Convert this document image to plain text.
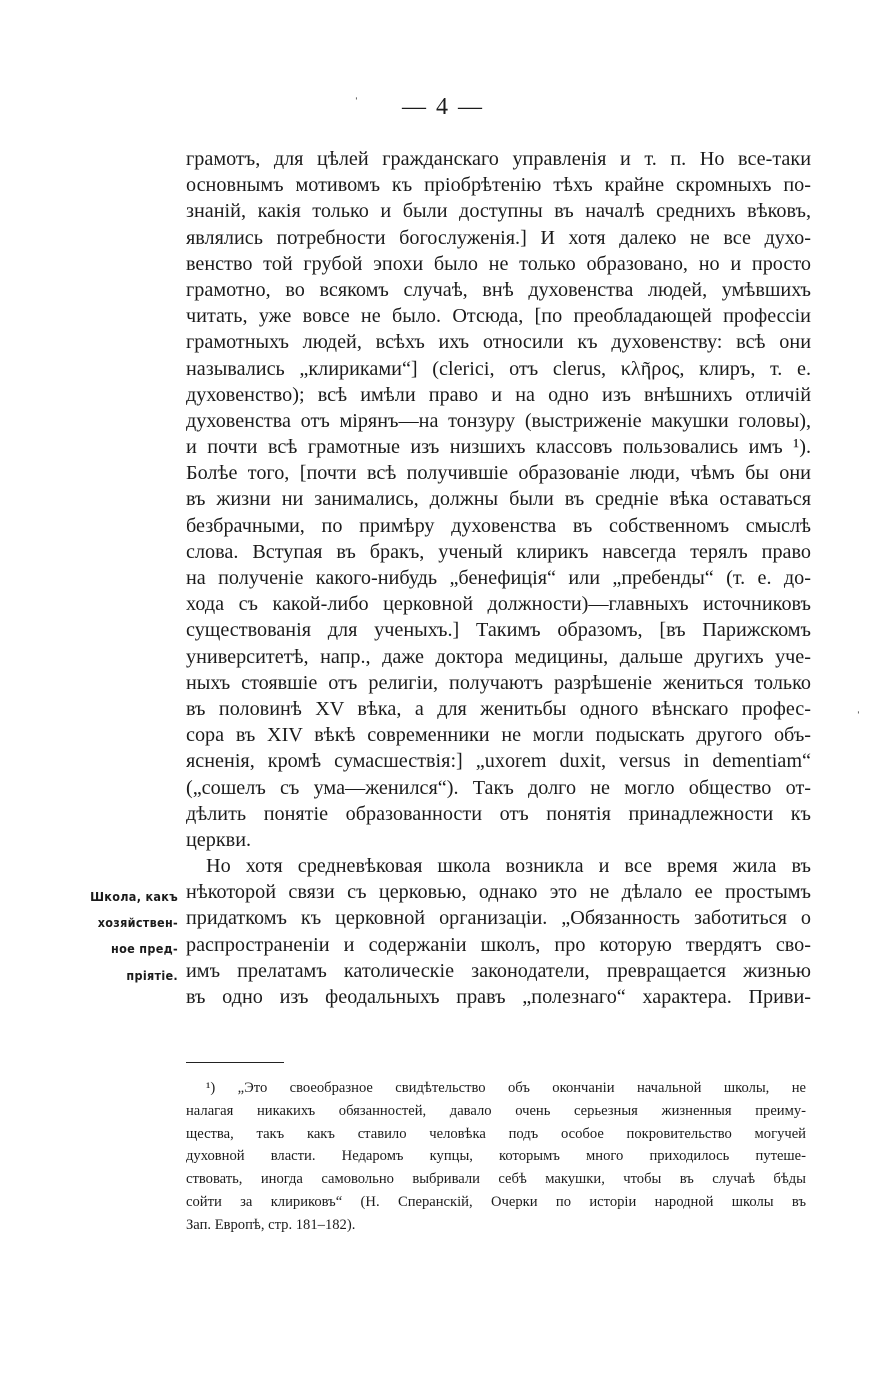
— 4 —
ˈ
ˈ
грамотъ, для цѣлей гражданскаго управленія и т. п. Но все-таки
основнымъ мотивомъ къ пріобрѣтенію тѣхъ крайне скромныхъ по-
знаній, какія только и были доступны въ началѣ среднихъ вѣковъ,
являлись потребности богослуженія.] И хотя далеко не все духо-
венство той грубой эпохи было не только образовано, но и просто
грамотно, во всякомъ случаѣ, внѣ духовенства людей, умѣвшихъ
читать, уже вовсе не было. Отсюда, [по преобладающей профессіи
грамотныхъ людей, всѣхъ ихъ относили къ духовенству: всѣ они
назывались „клириками“] (clerici, отъ clerus, κλῆρος, клиръ, т. е.
духовенство); всѣ имѣли право и на одно изъ внѣшнихъ отличій
духовенства отъ мірянъ—на тонзуру (выстриженіе макушки головы),
и почти всѣ грамотные изъ низшихъ классовъ пользовались имъ ¹).
Болѣе того, [почти всѣ получившіе образованіе люди, чѣмъ бы они
въ жизни ни занимались, должны были въ средніе вѣка оставаться
безбрачными, по примѣру духовенства въ собственномъ смыслѣ
слова. Вступая въ бракъ, ученый клирикъ навсегда терялъ право
на полученіе какого-нибудь „бенефиція“ или „пребенды“ (т. е. до-
хода съ какой-либо церковной должности)—главныхъ источниковъ
существованія для ученыхъ.] Такимъ образомъ, [въ Парижскомъ
университетѣ, напр., даже доктора медицины, дальше другихъ уче-
ныхъ стоявшіе отъ религіи, получаютъ разрѣшеніе жениться только
въ половинѣ XV вѣка, а для женитьбы одного вѣнскаго профес-
сора въ XIV вѣкѣ современники не могли подыскать другого объ-
ясненія, кромѣ сумасшествія:] „uxorem duxit, versus in dementiam“
(„сошелъ съ ума—женился“). Такъ долго не могло общество от-
дѣлить понятіе образованности отъ понятія принадлежности къ
церкви.
Но хотя средневѣковая школа возникла и все время жила въ
нѣкоторой связи съ церковью, однако это не дѣлало ее простымъ
придаткомъ къ церковной организаціи. „Обязанность заботиться о
распространеніи и содержаніи школъ, про которую твердятъ сво-
имъ прелатамъ католическіе законодатели, превращается жизнью
въ одно изъ феодальныхъ правъ „полезнаго“ характера. Приви-
Школа, какъ
хозяйствен-
ное пред-
пріятіе.
¹) „Это своеобразное свидѣтельство объ окончаніи начальной школы, не
налагая никакихъ обязанностей, давало очень серьезныя жизненныя преиму-
щества, такъ какъ ставило человѣка подъ особое покровительство могучей
духовной власти. Недаромъ купцы, которымъ много приходилось путеше-
ствовать, иногда самовольно выбривали себѣ макушки, чтобы въ случаѣ бѣды
сойти за клириковъ“ (Н. Сперанскій, Очерки по исторіи народной школы въ
Зап. Европѣ, стр. 181–182).
